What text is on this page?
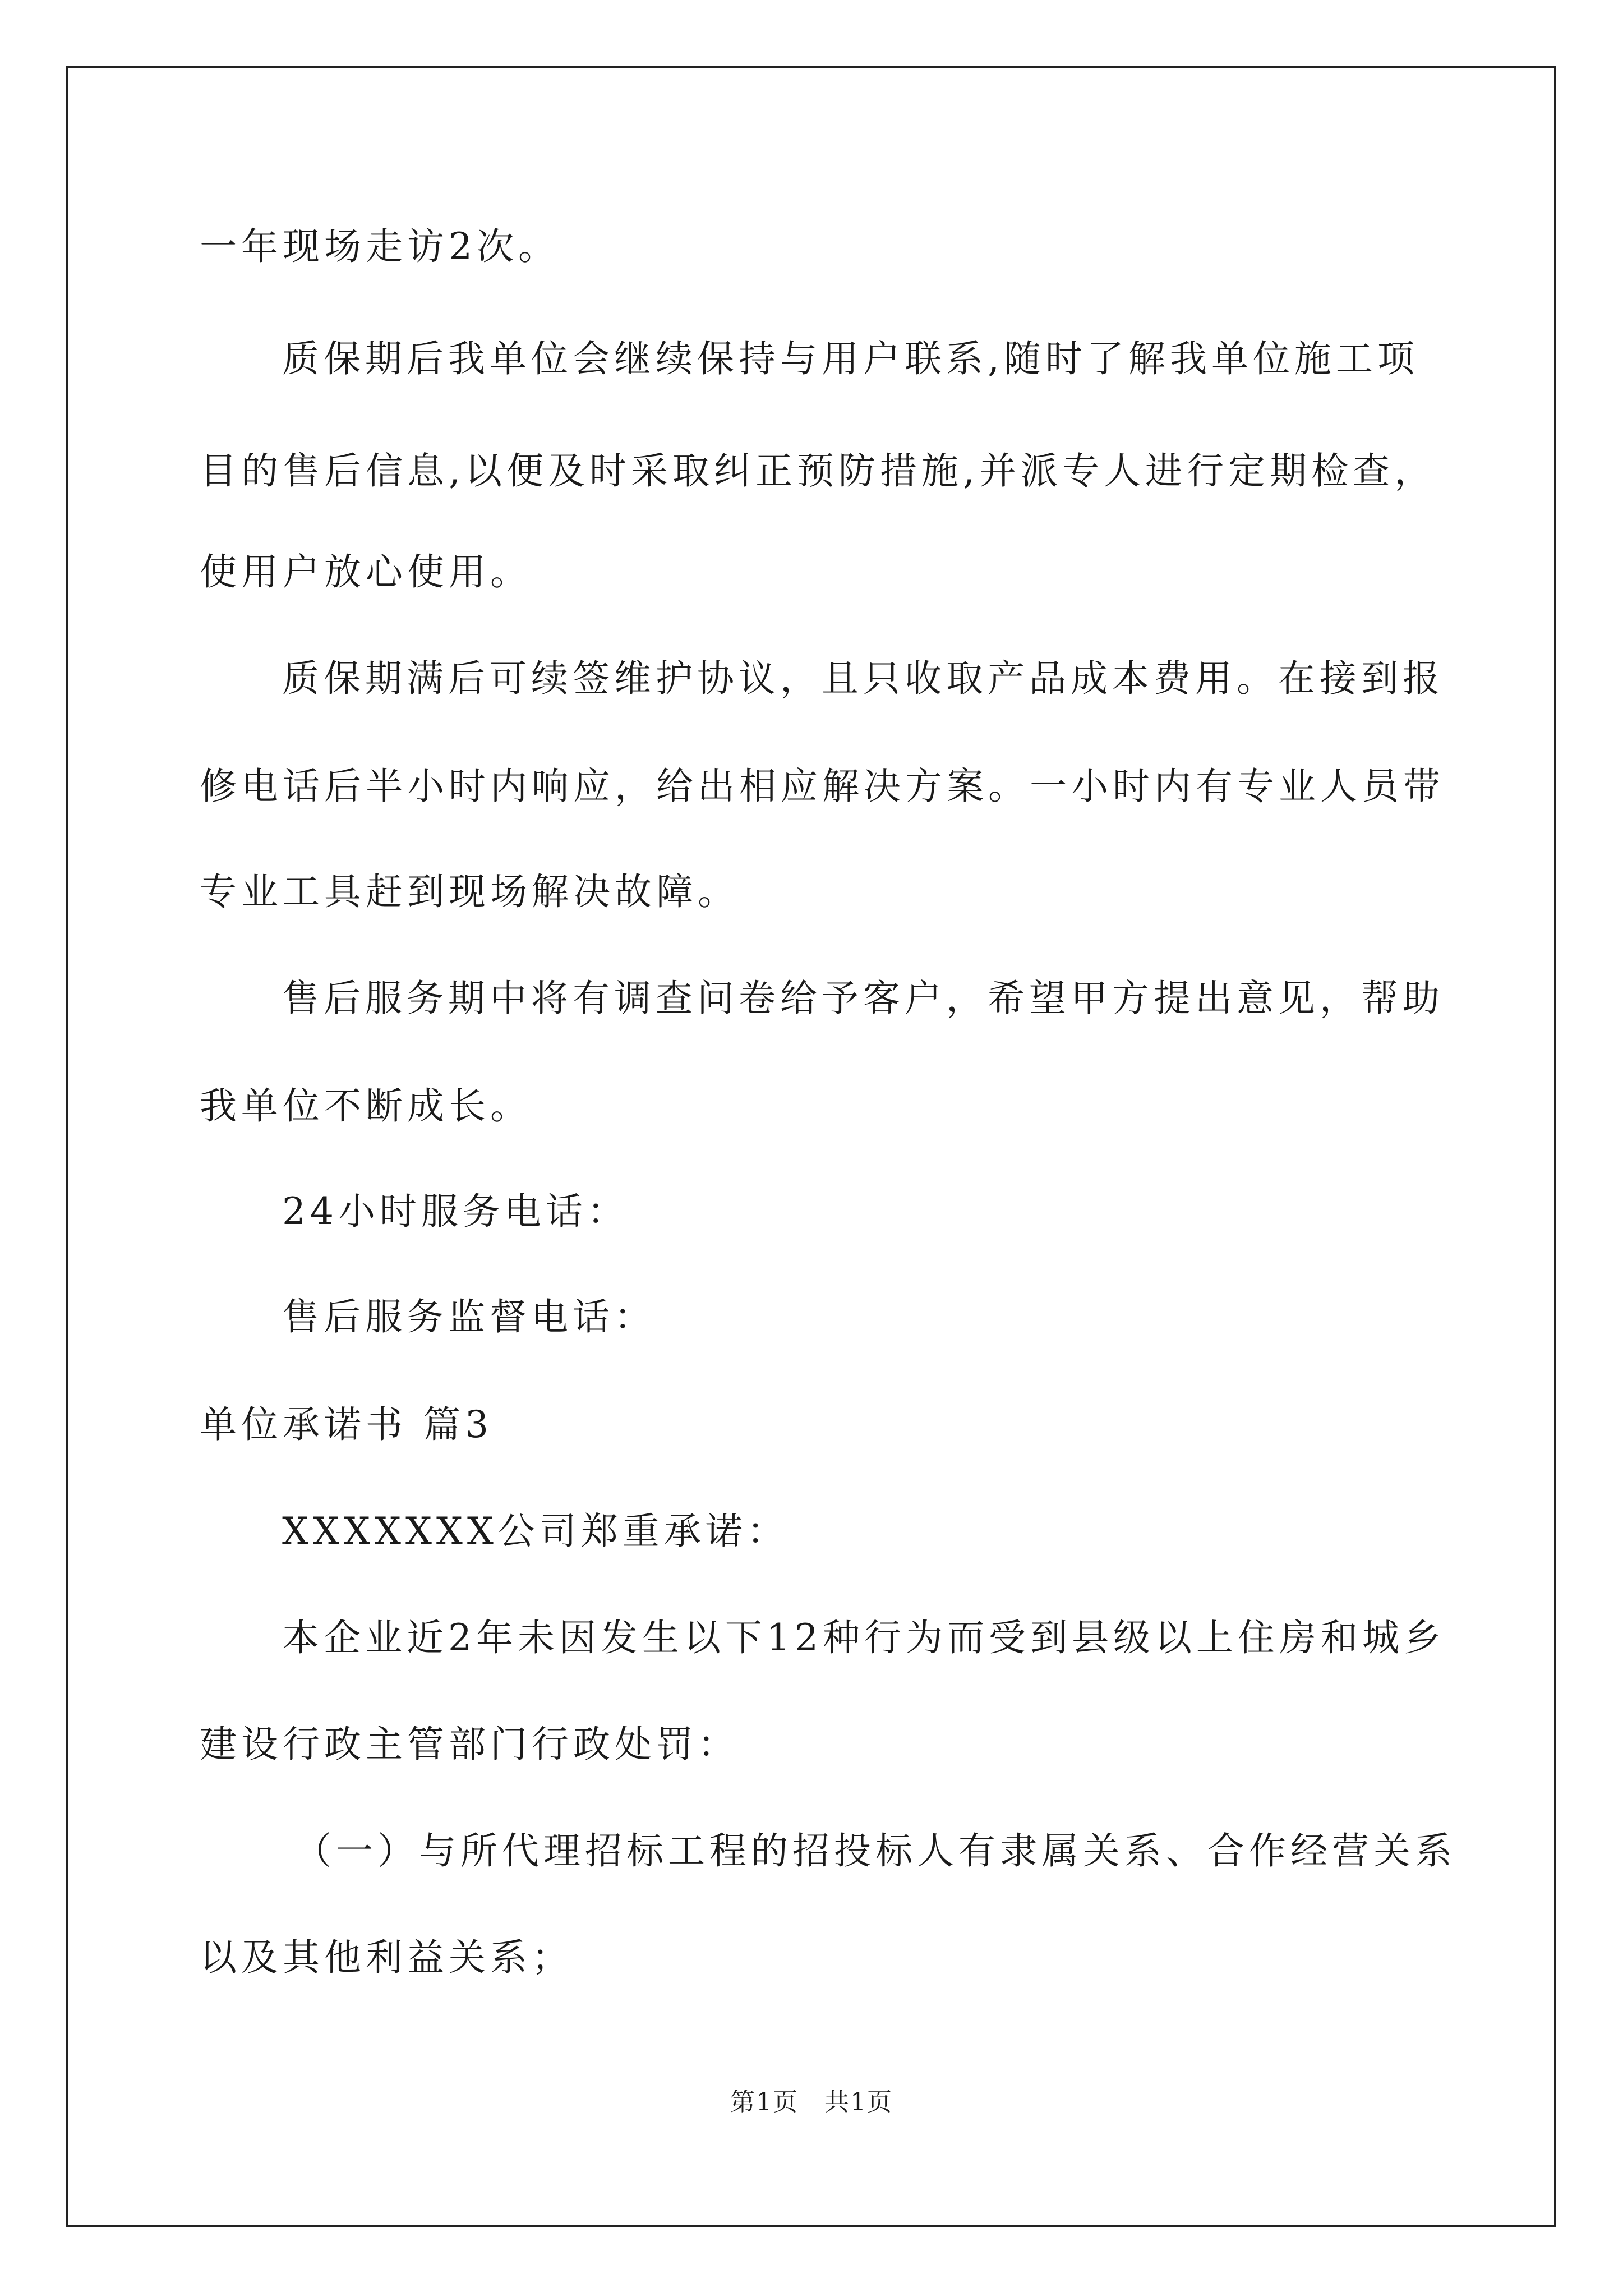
一年现场走访2次。
质保期后我单位会继续保持与用户联系,随时了解我单位施工项
目的售后信息,以便及时采取纠正预防措施,并派专人进行定期检查，
使用户放心使用。
质保期满后可续签维护协议，且只收取产品成本费用。在接到报
修电话后半小时内响应，给出相应解决方案。一小时内有专业人员带
专业工具赶到现场解决故障。
售后服务期中将有调查问卷给予客户，希望甲方提出意见，帮助
我单位不断成长。
24小时服务电话：
售后服务监督电话：
单位承诺书 篇3
XXXXXXX公司郑重承诺：
本企业近2年未因发生以下12种行为而受到县级以上住房和城乡
建设行政主管部门行政处罚：
（一）与所代理招标工程的招投标人有隶属关系、合作经营关系
以及其他利益关系；
第1页　共1页
